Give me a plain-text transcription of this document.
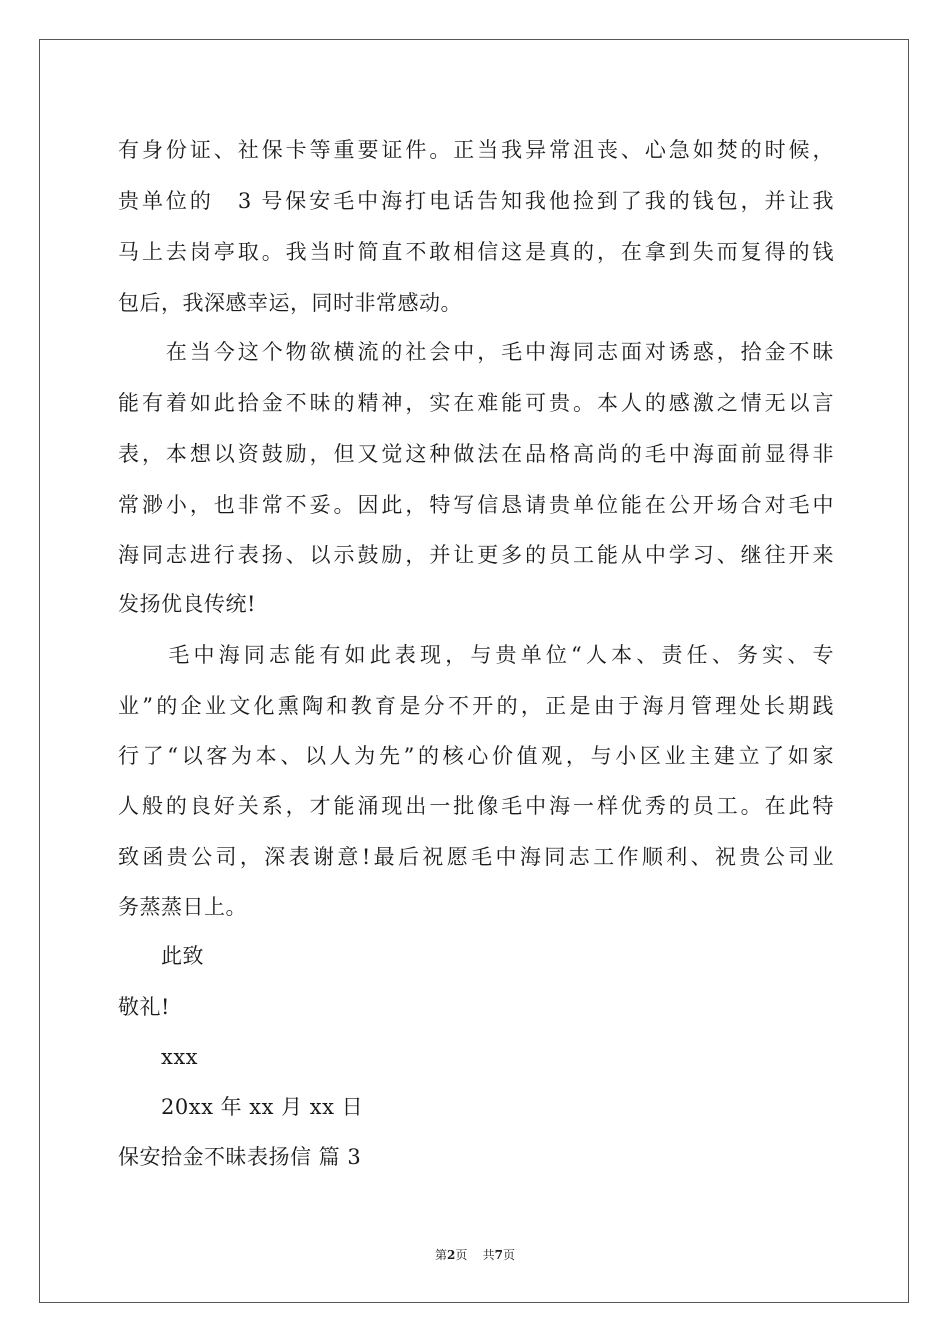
有身份证、社保卡等重要证件。正当我异常沮丧、心急如焚的时候，
贵单位的　3 号保安毛中海打电话告知我他捡到了我的钱包，并让我
马上去岗亭取。我当时简直不敢相信这是真的，在拿到失而复得的钱
包后，我深感幸运，同时非常感动。
　　在当今这个物欲横流的社会中，毛中海同志面对诱惑，拾金不昧
能有着如此拾金不昧的精神，实在难能可贵。本人的感激之情无以言
表，本想以资鼓励，但又觉这种做法在品格高尚的毛中海面前显得非
常渺小，也非常不妥。因此，特写信恳请贵单位能在公开场合对毛中
海同志进行表扬、以示鼓励，并让更多的员工能从中学习、继往开来
发扬优良传统!
　　毛中海同志能有如此表现，与贵单位“人本、责任、务实、专
业”的企业文化熏陶和教育是分不开的，正是由于海月管理处长期践
行了“以客为本、以人为先”的核心价值观，与小区业主建立了如家
人般的良好关系，才能涌现出一批像毛中海一样优秀的员工。在此特
致函贵公司，深表谢意!最后祝愿毛中海同志工作顺利、祝贵公司业
务蒸蒸日上。
　　此致
敬礼!
　　xxx
　　20xx 年 xx 月 xx 日
保安拾金不昧表扬信 篇 3
第2页 共7页
